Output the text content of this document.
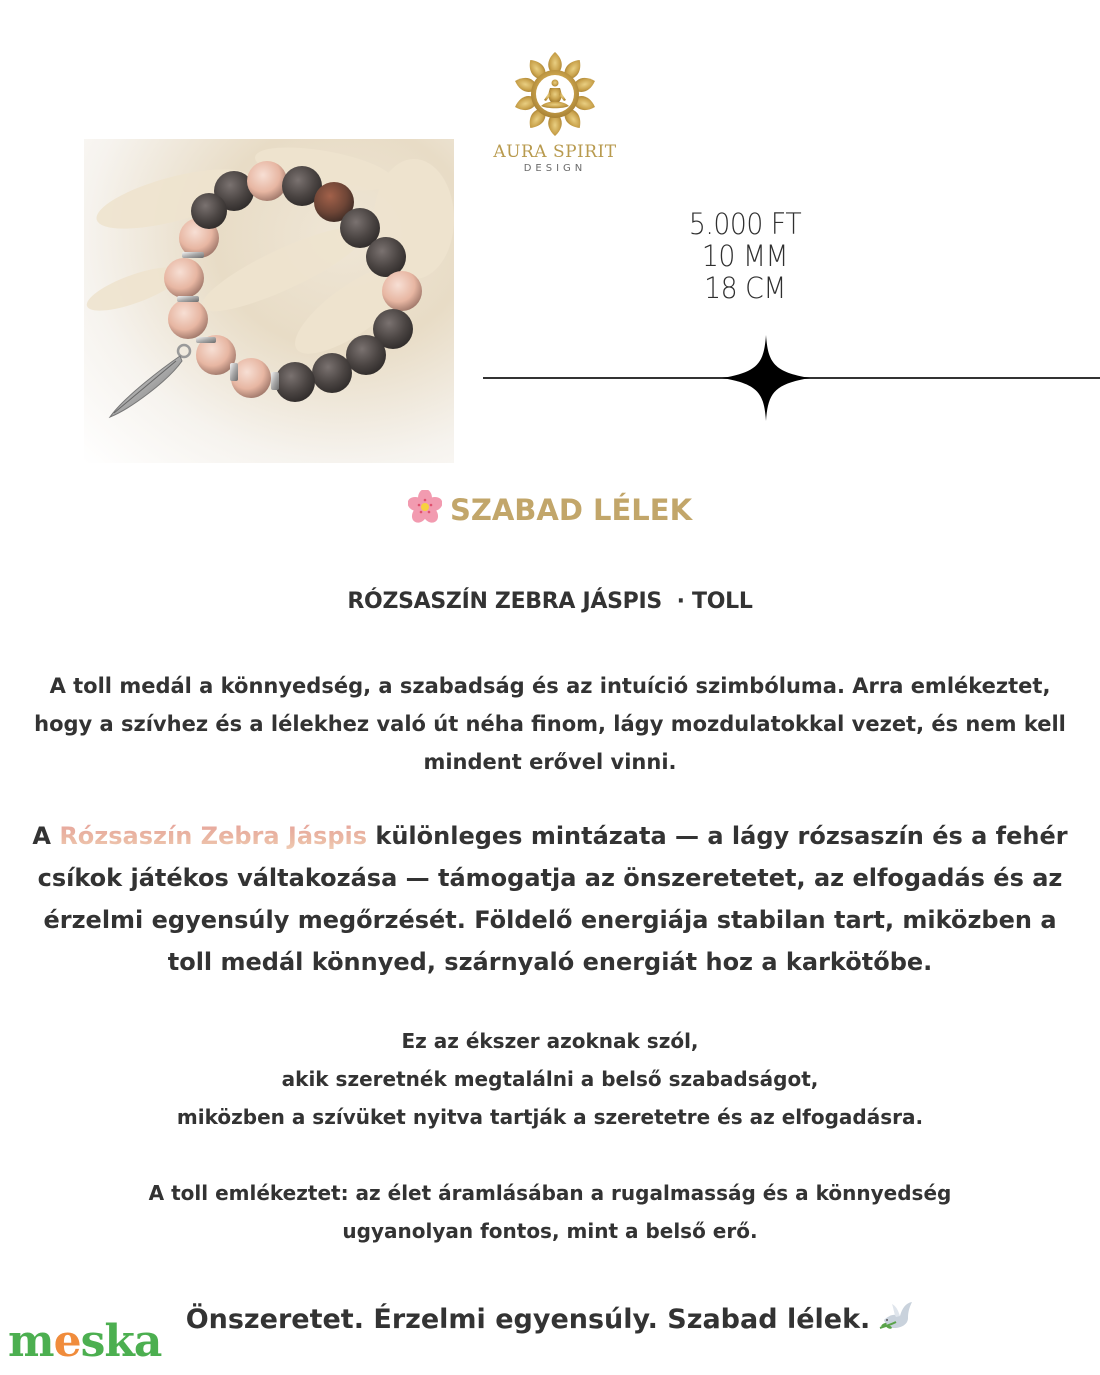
AURA SPIRIT
DESIGN
5.000 FT
10 MM
18 CM
SZABAD LÉLEK
RÓZSASZÍN ZEBRA JÁSPIS  · TOLL
A toll medál a könnyedség, a szabadság és az intuíció szimbóluma. Arra emlékeztet, hogy a szívhez és a lélekhez való út néha finom, lágy mozdulatokkal vezet, és nem kell mindent erővel vinni.
A Rózsaszín Zebra Jáspis különleges mintázata — a lágy rózsaszín és a fehér csíkok játékos váltakozása — támogatja az önszeretetet, az elfogadás és az érzelmi egyensúly megőrzését. Földelő energiája stabilan tart, miközben a toll medál könnyed, szárnyaló energiát hoz a karkötőbe.
Ez az ékszer azoknak szól,
akik szeretnék megtalálni a belső szabadságot,
miközben a szívüket nyitva tartják a szeretetre és az elfogadásra.
A toll emlékeztet: az élet áramlásában a rugalmasság és a könnyedség
ugyanolyan fontos, mint a belső erő.
Önszeretet. Érzelmi egyensúly. Szabad lélek.
meska
